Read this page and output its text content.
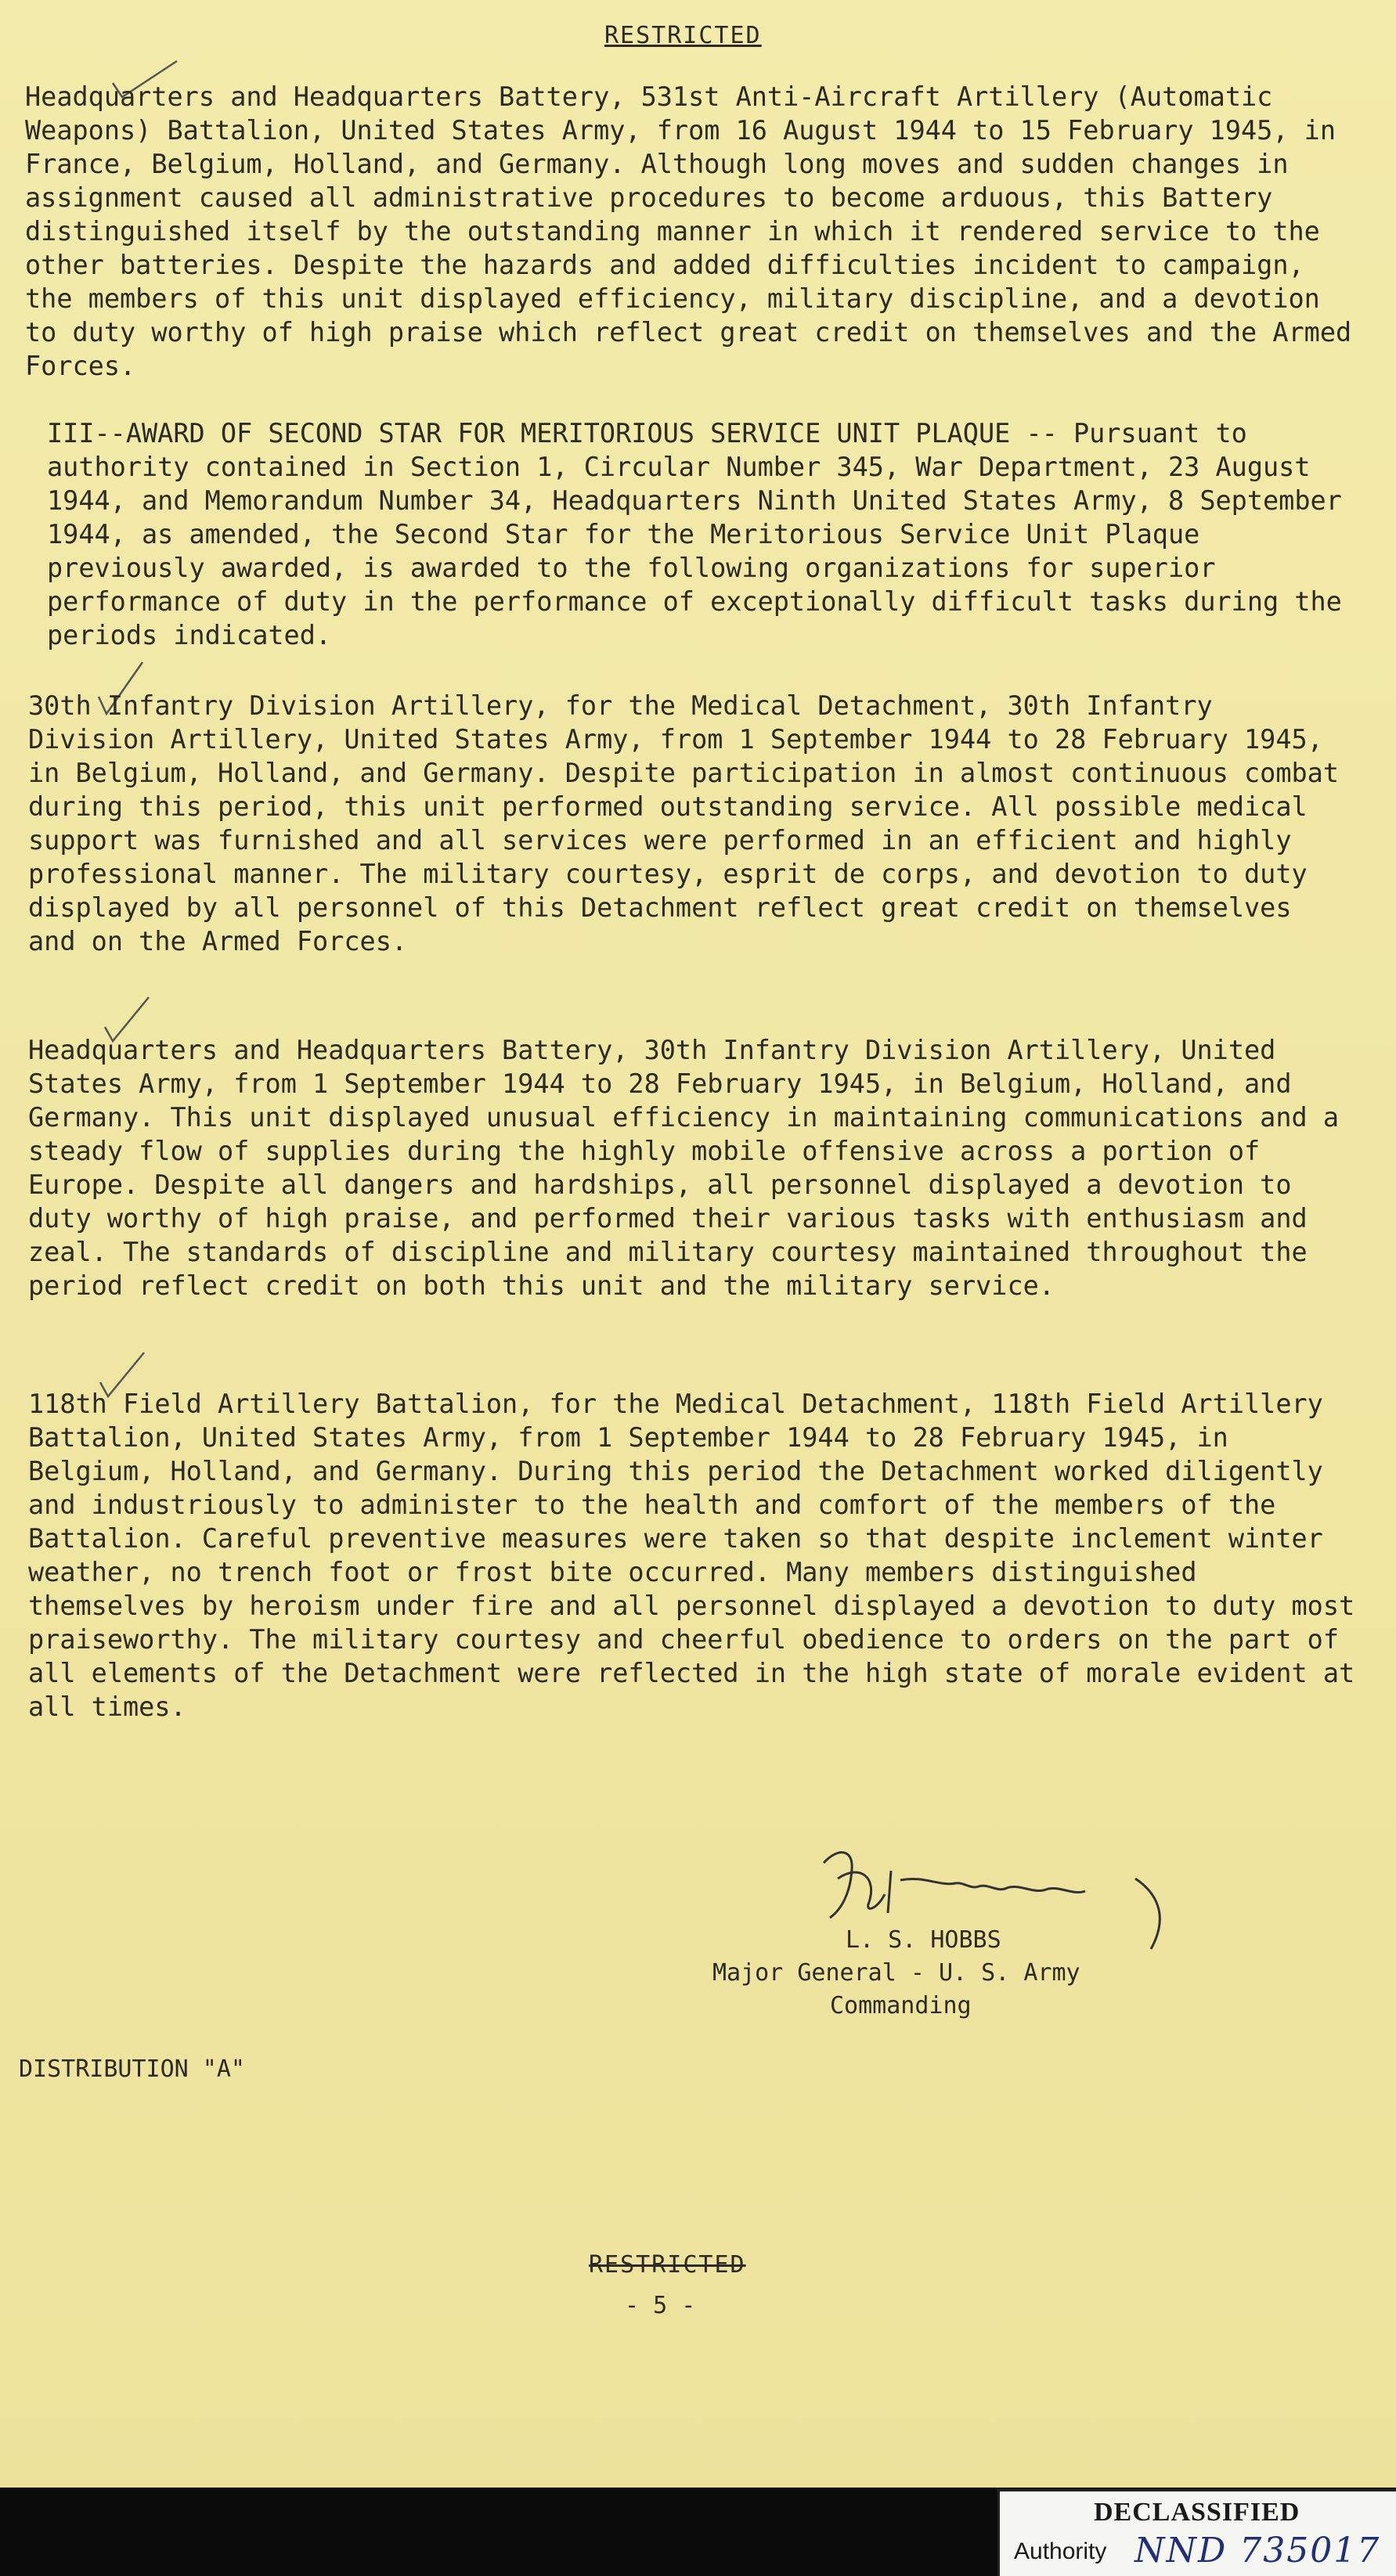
RESTRICTED

Headquarters and Headquarters Battery, 531st Anti-Aircraft Artillery (Automatic Weapons) Battalion, United States Army, from 16 August 1944 to 15 February 1945, in France, Belgium, Holland, and Germany. Although long moves and sudden changes in assignment caused all administrative procedures to become arduous, this Battery distinguished itself by the outstanding manner in which it rendered service to the other batteries. Despite the hazards and added difficulties incident to campaign, the members of this unit displayed efficiency, military discipline, and a devotion to duty worthy of high praise which reflect great credit on themselves and the Armed Forces.

III--AWARD OF SECOND STAR FOR MERITORIOUS SERVICE UNIT PLAQUE -- Pursuant to authority contained in Section 1, Circular Number 345, War Department, 23 August 1944, and Memorandum Number 34, Headquarters Ninth United States Army, 8 September 1944, as amended, the Second Star for the Meritorious Service Unit Plaque previously awarded, is awarded to the following organizations for superior performance of duty in the performance of exceptionally difficult tasks during the periods indicated.

30th Infantry Division Artillery, for the Medical Detachment, 30th Infantry Division Artillery, United States Army, from 1 September 1944 to 28 February 1945, in Belgium, Holland, and Germany. Despite participation in almost continuous combat during this period, this unit performed outstanding service. All possible medical support was furnished and all services were performed in an efficient and highly professional manner. The military courtesy, esprit de corps, and devotion to duty displayed by all personnel of this Detachment reflect great credit on themselves and on the Armed Forces.

Headquarters and Headquarters Battery, 30th Infantry Division Artillery, United States Army, from 1 September 1944 to 28 February 1945, in Belgium, Holland, and Germany. This unit displayed unusual efficiency in maintaining communications and a steady flow of supplies during the highly mobile offensive across a portion of Europe. Despite all dangers and hardships, all personnel displayed a devotion to duty worthy of high praise, and performed their various tasks with enthusiasm and zeal. The standards of discipline and military courtesy maintained throughout the period reflect credit on both this unit and the military service.

118th Field Artillery Battalion, for the Medical Detachment, 118th Field Artillery Battalion, United States Army, from 1 September 1944 to 28 February 1945, in Belgium, Holland, and Germany. During this period the Detachment worked diligently and industriously to administer to the health and comfort of the members of the Battalion. Careful preventive measures were taken so that despite inclement winter weather, no trench foot or frost bite occurred. Many members distinguished themselves by heroism under fire and all personnel displayed a devotion to duty most praiseworthy. The military courtesy and cheerful obedience to orders on the part of all elements of the Detachment were reflected in the high state of morale evident at all times.

L. S. HOBBS
Major General - U. S. Army
Commanding
DISTRIBUTION "A"
RESTRICTED
- 5 -
DECLASSIFIED
Authority NND 735017
